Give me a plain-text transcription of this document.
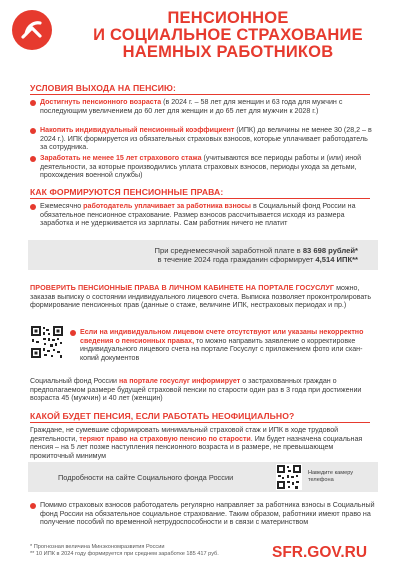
ПЕНСИОННОЕ
И СОЦИАЛЬНОЕ СТРАХОВАНИЕ
НАЕМНЫХ РАБОТНИКОВ
УСЛОВИЯ ВЫХОДА НА ПЕНСИЮ:
Достигнуть пенсионного возраста (в 2024 г. – 58 лет для женщин и 63 года для мужчин с последующим увеличением до 60 лет для женщин и до 65 лет для мужчин к 2028 г.)
Накопить индивидуальный пенсионный коэффициент (ИПК) до величины не менее 30 (28,2 – в 2024 г.). ИПК формируется из обязательных страховых взносов, которые уплачивает работодатель за сотрудника.
Заработать не менее 15 лет страхового стажа (учитываются все периоды работы и (или) иной деятельности, за которые производились уплата страховых взносов, периоды ухода за детьми, прохождения военной службы)
КАК ФОРМИРУЮТСЯ ПЕНСИОННЫЕ ПРАВА:
Ежемесячно работодатель уплачивает за работника взносы в Социальный фонд России на обязательное пенсионное страхование. Размер взносов рассчитывается исходя из размера заработка и не удерживается из зарплаты. Сам работник ничего не платит
При среднемесячной заработной плате в 83 698 рублей*
в течение 2024 года гражданин сформирует 4,514 ИПК**
ПРОВЕРИТЬ ПЕНСИОННЫЕ ПРАВА В ЛИЧНОМ КАБИНЕТЕ НА ПОРТАЛЕ ГОСУСЛУГ можно, заказав выписку о состоянии индивидуального лицевого счета. Выписка позволяет проконтролировать формирование пенсионных прав (данные о стаже, величине ИПК, нестраховых периодах и пр.)
Если на индивидуальном лицевом счете отсутствуют или указаны некорректно сведения о пенсионных правах, то можно направить заявление о корректировке индивидуального лицевого счета на портале Госуслуг с приложением фото или скан-копий документов
Социальный фонд России на портале госуслуг информирует о застрахованных граждан о предполагаемом размере будущей страховой пенсии по старости один раз в 3 года при достижении возраста 45 (мужчин) и 40 лет (женщин)
КАКОЙ БУДЕТ ПЕНСИЯ, ЕСЛИ РАБОТАТЬ НЕОФИЦИАЛЬНО?
Граждане, не сумевшие сформировать минимальный страховой стаж и ИПК в ходе трудовой деятельности, теряют право на страховую пенсию по старости. Им будет назначена социальная пенсия – на 5 лет позже наступления пенсионного возраста и в размере, не превышающем прожиточный минимум
Подробности на сайте Социального фонда России	Наведите камеру телефона
Помимо страховых взносов работодатель регулярно направляет за работника взносы в Социальный фонд России на обязательное социальное страхование. Таким образом, работники имеют право на получение пособий по временной нетрудоспособности и в связи с материнством
* Прогнозная величина Минэкономразвития России
** 10 ИПК в 2024 году формируется при среднем заработке 185 417 руб.	SFR.GOV.RU
